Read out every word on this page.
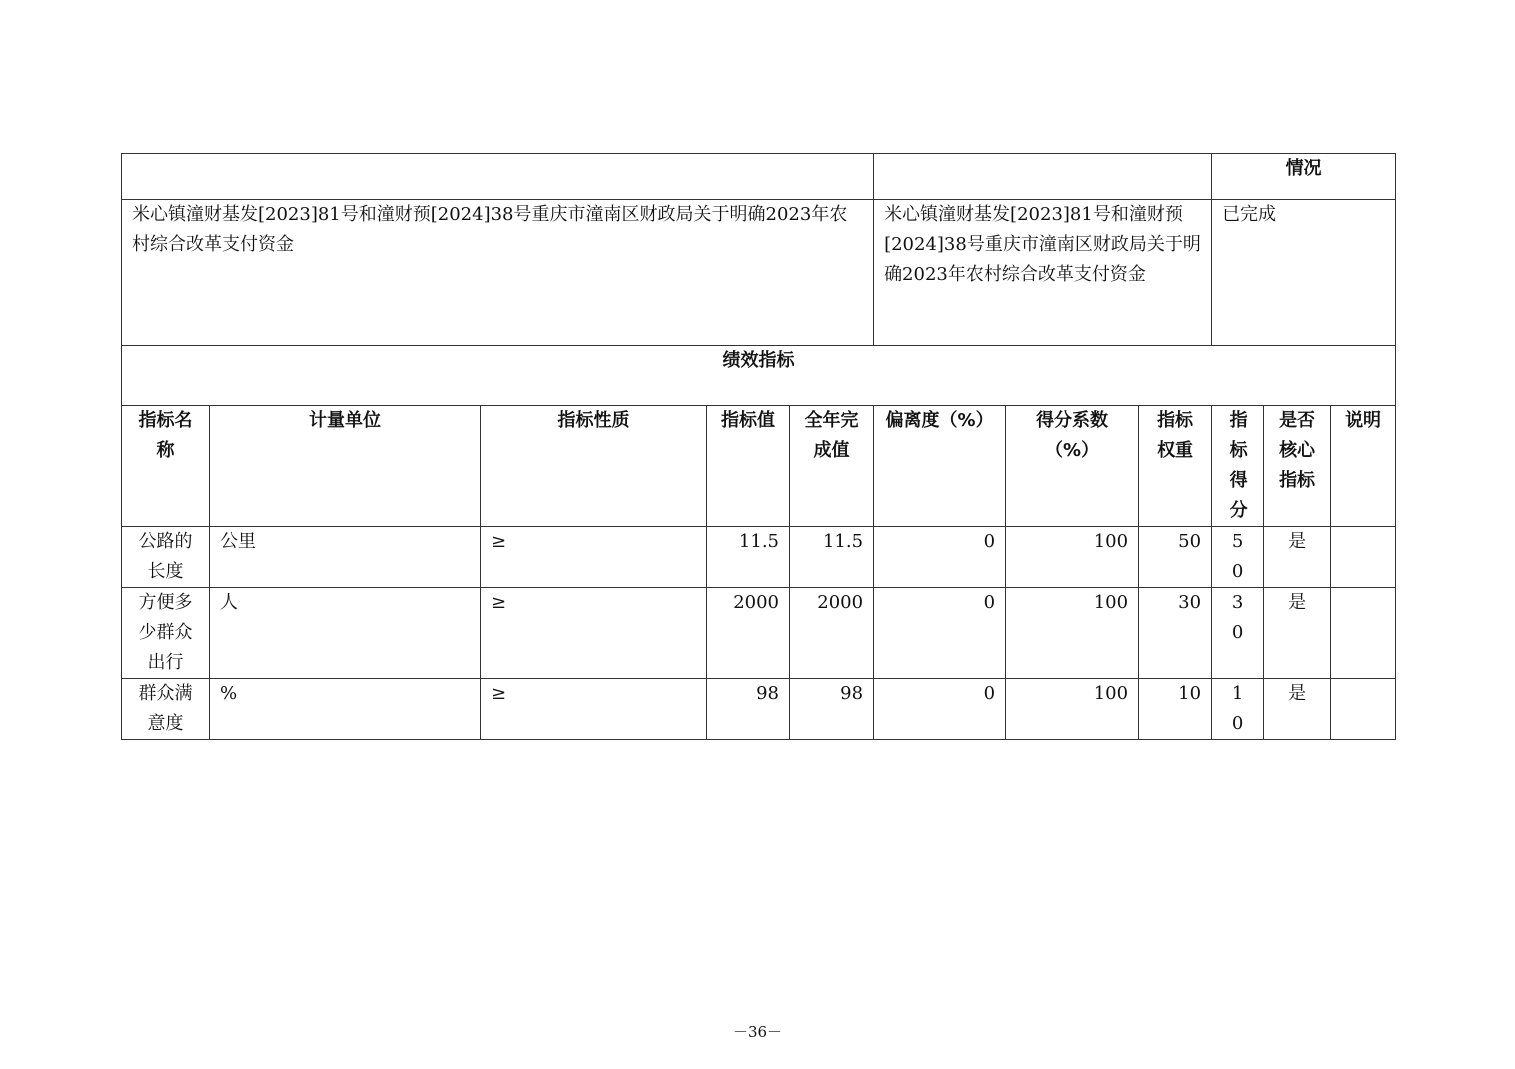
								情况		
米心镇潼财基发[2023]81号和潼财预[2024]38号重庆市潼南区财政局关于明确2023年农村综合改革支付资金					米心镇潼财基发[2023]81号和潼财预[2024]38号重庆市潼南区财政局关于明确2023年农村综合改革支付资金			已完成		
绩效指标										
指标名称	计量单位	指标性质	指标值	全年完成值	偏离度（%）	得分系数（%）	指标权重	指标得分	是否核心指标	说明
公路的长度	公里	≥	11.5	11.5	0	100	50	50	是	
方便多少群众出行	人	≥	2000	2000	0	100	30	30	是	
群众满意度	%	≥	98	98	0	100	10	10	是	
－36－
